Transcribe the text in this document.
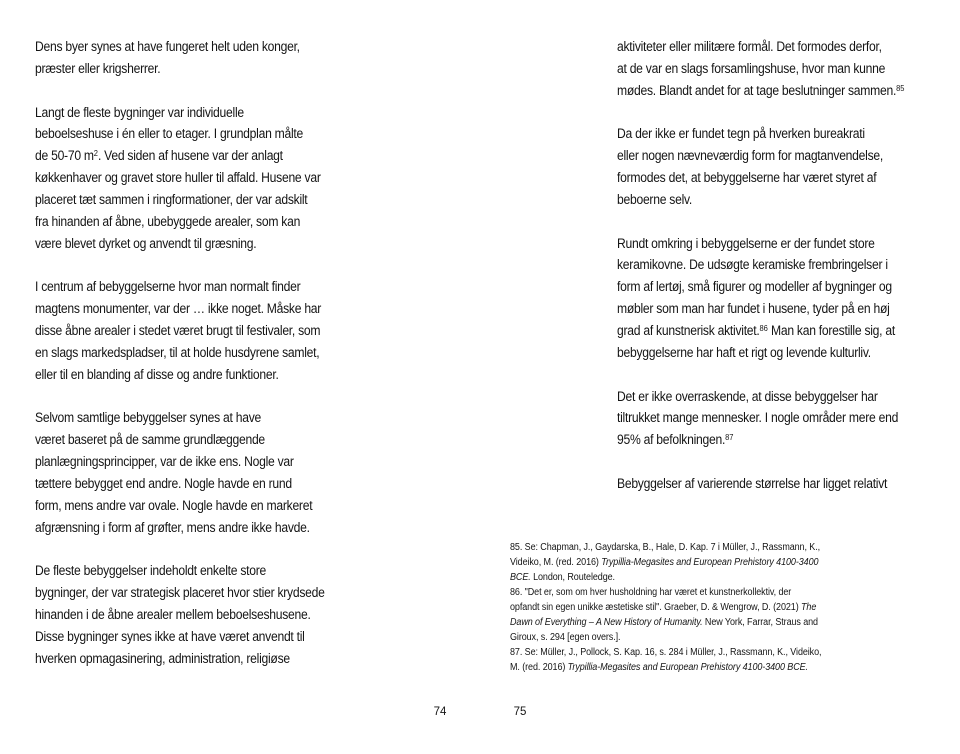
Dens byer synes at have fungeret helt uden konger,
præster eller krigsherrer.

Langt de fleste bygninger var individuelle
beboelseshuse i én eller to etager. I grundplan målte
de 50-70 $m^2$. Ved siden af husene var der anlagt
køkkenhaver og gravet store huller til affald. Husene var
placeret tæt sammen i ringformationer, der var adskilt
fra hinanden af åbne, ubebyggede arealer, som kan
være blevet dyrket og anvendt til græsning.

I centrum af bebyggelserne hvor man normalt finder
magtens monumenter, var der … ikke noget. Måske har
disse åbne arealer i stedet været brugt til festivaler, som
en slags markedspladser, til at holde husdyrene samlet,
eller til en blanding af disse og andre funktioner.

Selvom samtlige bebyggelser synes at have
været baseret på de samme grundlæggende
planlægningsprincipper, var de ikke ens. Nogle var
tættere bebygget end andre. Nogle havde en rund
form, mens andre var ovale. Nogle havde en markeret
afgrænsning i form af grøfter, mens andre ikke havde.

De fleste bebyggelser indeholdt enkelte store
bygninger, der var strategisk placeret hvor stier krydsede
hinanden i de åbne arealer mellem beboelseshusene.
Disse bygninger synes ikke at have været anvendt til
hverken opmagasinering, administration, religiøse

74

aktiviteter eller militære formål. Det formodes derfor,
at de var en slags forsamlingshuse, hvor man kunne
mødes. Blandt andet for at tage beslutninger sammen.$^{85}$

Da der ikke er fundet tegn på hverken bureakrati
eller nogen nævneværdig form for magtanvendelse,
formodes det, at bebyggelserne har været styret af
beboerne selv.

Rundt omkring i bebyggelserne er der fundet store
keramikovne. De udsøgte keramiske frembringelser i
form af lertøj, små figurer og modeller af bygninger og
møbler som man har fundet i husene, tyder på en høj
grad af kunstnerisk aktivitet.$^{86}$ Man kan forestille sig, at
bebyggelserne har haft et rigt og levende kulturliv.

Det er ikke overraskende, at disse bebyggelser har
tiltrukket mange mennesker. I nogle områder mere end
95% af befolkningen.$^{87}$

Bebyggelser af varierende størrelse har ligget relativt

85. Se: Chapman, J., Gaydarska, B., Hale, D. Kap. 7 i Müller, J., Rassmann, K.,
Videiko, M. (red. 2016) Trypillia-Megasites and European Prehistory 4100-3400
BCE. London, Routeledge.

86. "Det er, som om hver husholdning har været et kunstnerkollektiv, der
opfandt sin egen unikke æstetiske stil". Graeber, D. & Wengrow, D. (2021) The
Dawn of Everything – A New History of Humanity. New York, Farrar, Straus and
Giroux, s. 294 [egen overs.].

87. Se: Müller, J., Pollock, S. Kap. 16, s. 284 i Müller, J., Rassmann, K., Videiko,
M. (red. 2016) Trypillia-Megasites and European Prehistory 4100-3400 BCE.

75
